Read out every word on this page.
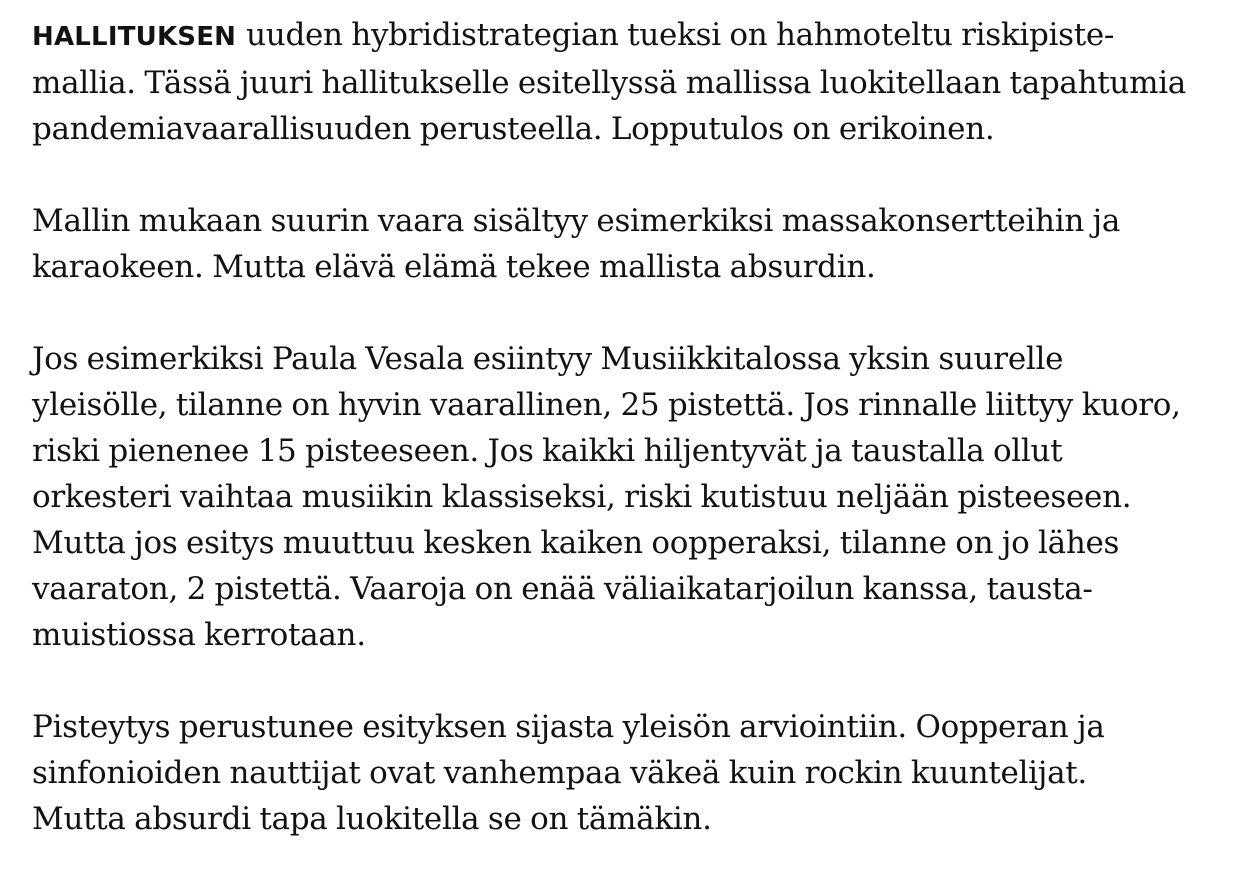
HALLITUKSEN uuden hybridistrategian tueksi on hahmoteltu riskipiste-
mallia. Tässä juuri hallitukselle esitellyssä mallissa luokitellaan tapahtumia
pandemiavaarallisuuden perusteella. Lopputulos on erikoinen.

Mallin mukaan suurin vaara sisältyy esimerkiksi massakonsertteihin ja
karaokeen. Mutta elävä elämä tekee mallista absurdin.

Jos esimerkiksi Paula Vesala esiintyy Musiikkitalossa yksin suurelle
yleisölle, tilanne on hyvin vaarallinen, 25 pistettä. Jos rinnalle liittyy kuoro,
riski pienenee 15 pisteeseen. Jos kaikki hiljentyvät ja taustalla ollut
orkesteri vaihtaa musiikin klassiseksi, riski kutistuu neljään pisteeseen.
Mutta jos esitys muuttuu kesken kaiken oopperaksi, tilanne on jo lähes
vaaraton, 2 pistettä. Vaaroja on enää väliaikatarjoilun kanssa, tausta-
muistiossa kerrotaan.

Pisteytys perustunee esityksen sijasta yleisön arviointiin. Oopperan ja
sinfonioiden nauttijat ovat vanhempaa väkeä kuin rockin kuuntelijat.
Mutta absurdi tapa luokitella se on tämäkin.
